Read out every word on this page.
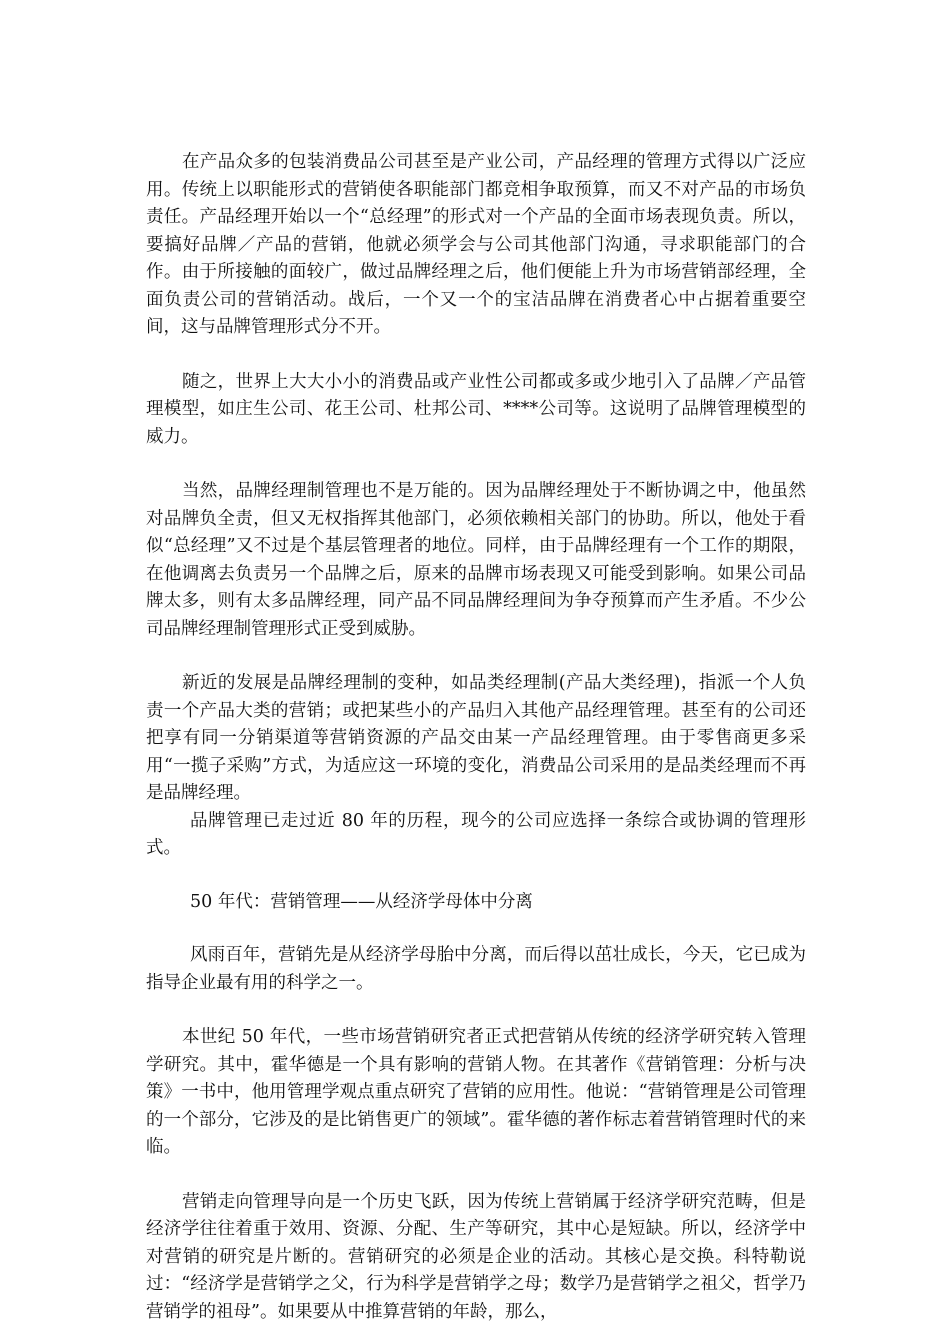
在产品众多的包装消费品公司甚至是产业公司，产品经理的管理方式得以广泛应用。传统上以职能形式的营销使各职能部门都竞相争取预算，而又不对产品的市场负责任。产品经理开始以一个“总经理”的形式对一个产品的全面市场表现负责。所以，要搞好品牌／产品的营销，他就必须学会与公司其他部门沟通，寻求职能部门的合作。由于所接触的面较广，做过品牌经理之后，他们便能上升为市场营销部经理，全面负责公司的营销活动。战后，一个又一个的宝洁品牌在消费者心中占据着重要空间，这与品牌管理形式分不开。

随之，世界上大大小小的消费品或产业性公司都或多或少地引入了品牌／产品管理模型，如庄生公司、花王公司、杜邦公司、****公司等。这说明了品牌管理模型的威力。

当然，品牌经理制管理也不是万能的。因为品牌经理处于不断协调之中，他虽然对品牌负全责，但又无权指挥其他部门，必须依赖相关部门的协助。所以，他处于看似“总经理”又不过是个基层管理者的地位。同样，由于品牌经理有一个工作的期限，在他调离去负责另一个品牌之后，原来的品牌市场表现又可能受到影响。如果公司品牌太多，则有太多品牌经理，同产品不同品牌经理间为争夺预算而产生矛盾。不少公司品牌经理制管理形式正受到威胁。

新近的发展是品牌经理制的变种，如品类经理制(产品大类经理)，指派一个人负责一个产品大类的营销；或把某些小的产品归入其他产品经理管理。甚至有的公司还把享有同一分销渠道等营销资源的产品交由某一产品经理管理。由于零售商更多采用“一揽子采购”方式，为适应这一环境的变化，消费品公司采用的是品类经理而不再是品牌经理。

品牌管理已走过近 80 年的历程，现今的公司应选择一条综合或协调的管理形式。

50 年代：营销管理——从经济学母体中分离

风雨百年，营销先是从经济学母胎中分离，而后得以茁壮成长，今天，它已成为指导企业最有用的科学之一。

本世纪 50 年代，一些市场营销研究者正式把营销从传统的经济学研究转入管理学研究。其中，霍华德是一个具有影响的营销人物。在其著作《营销管理：分析与决策》一书中，他用管理学观点重点研究了营销的应用性。他说：“营销管理是公司管理的一个部分，它涉及的是比销售更广的领域”。霍华德的著作标志着营销管理时代的来临。

营销走向管理导向是一个历史飞跃，因为传统上营销属于经济学研究范畴，但是经济学往往着重于效用、资源、分配、生产等研究，其中心是短缺。所以，经济学中对营销的研究是片断的。营销研究的必须是企业的活动。其核心是交换。科特勒说过：“经济学是营销学之父，行为科学是营销学之母；数学乃是营销学之祖父，哲学乃营销学的祖母”。如果要从中推算营销的年龄，那么，
